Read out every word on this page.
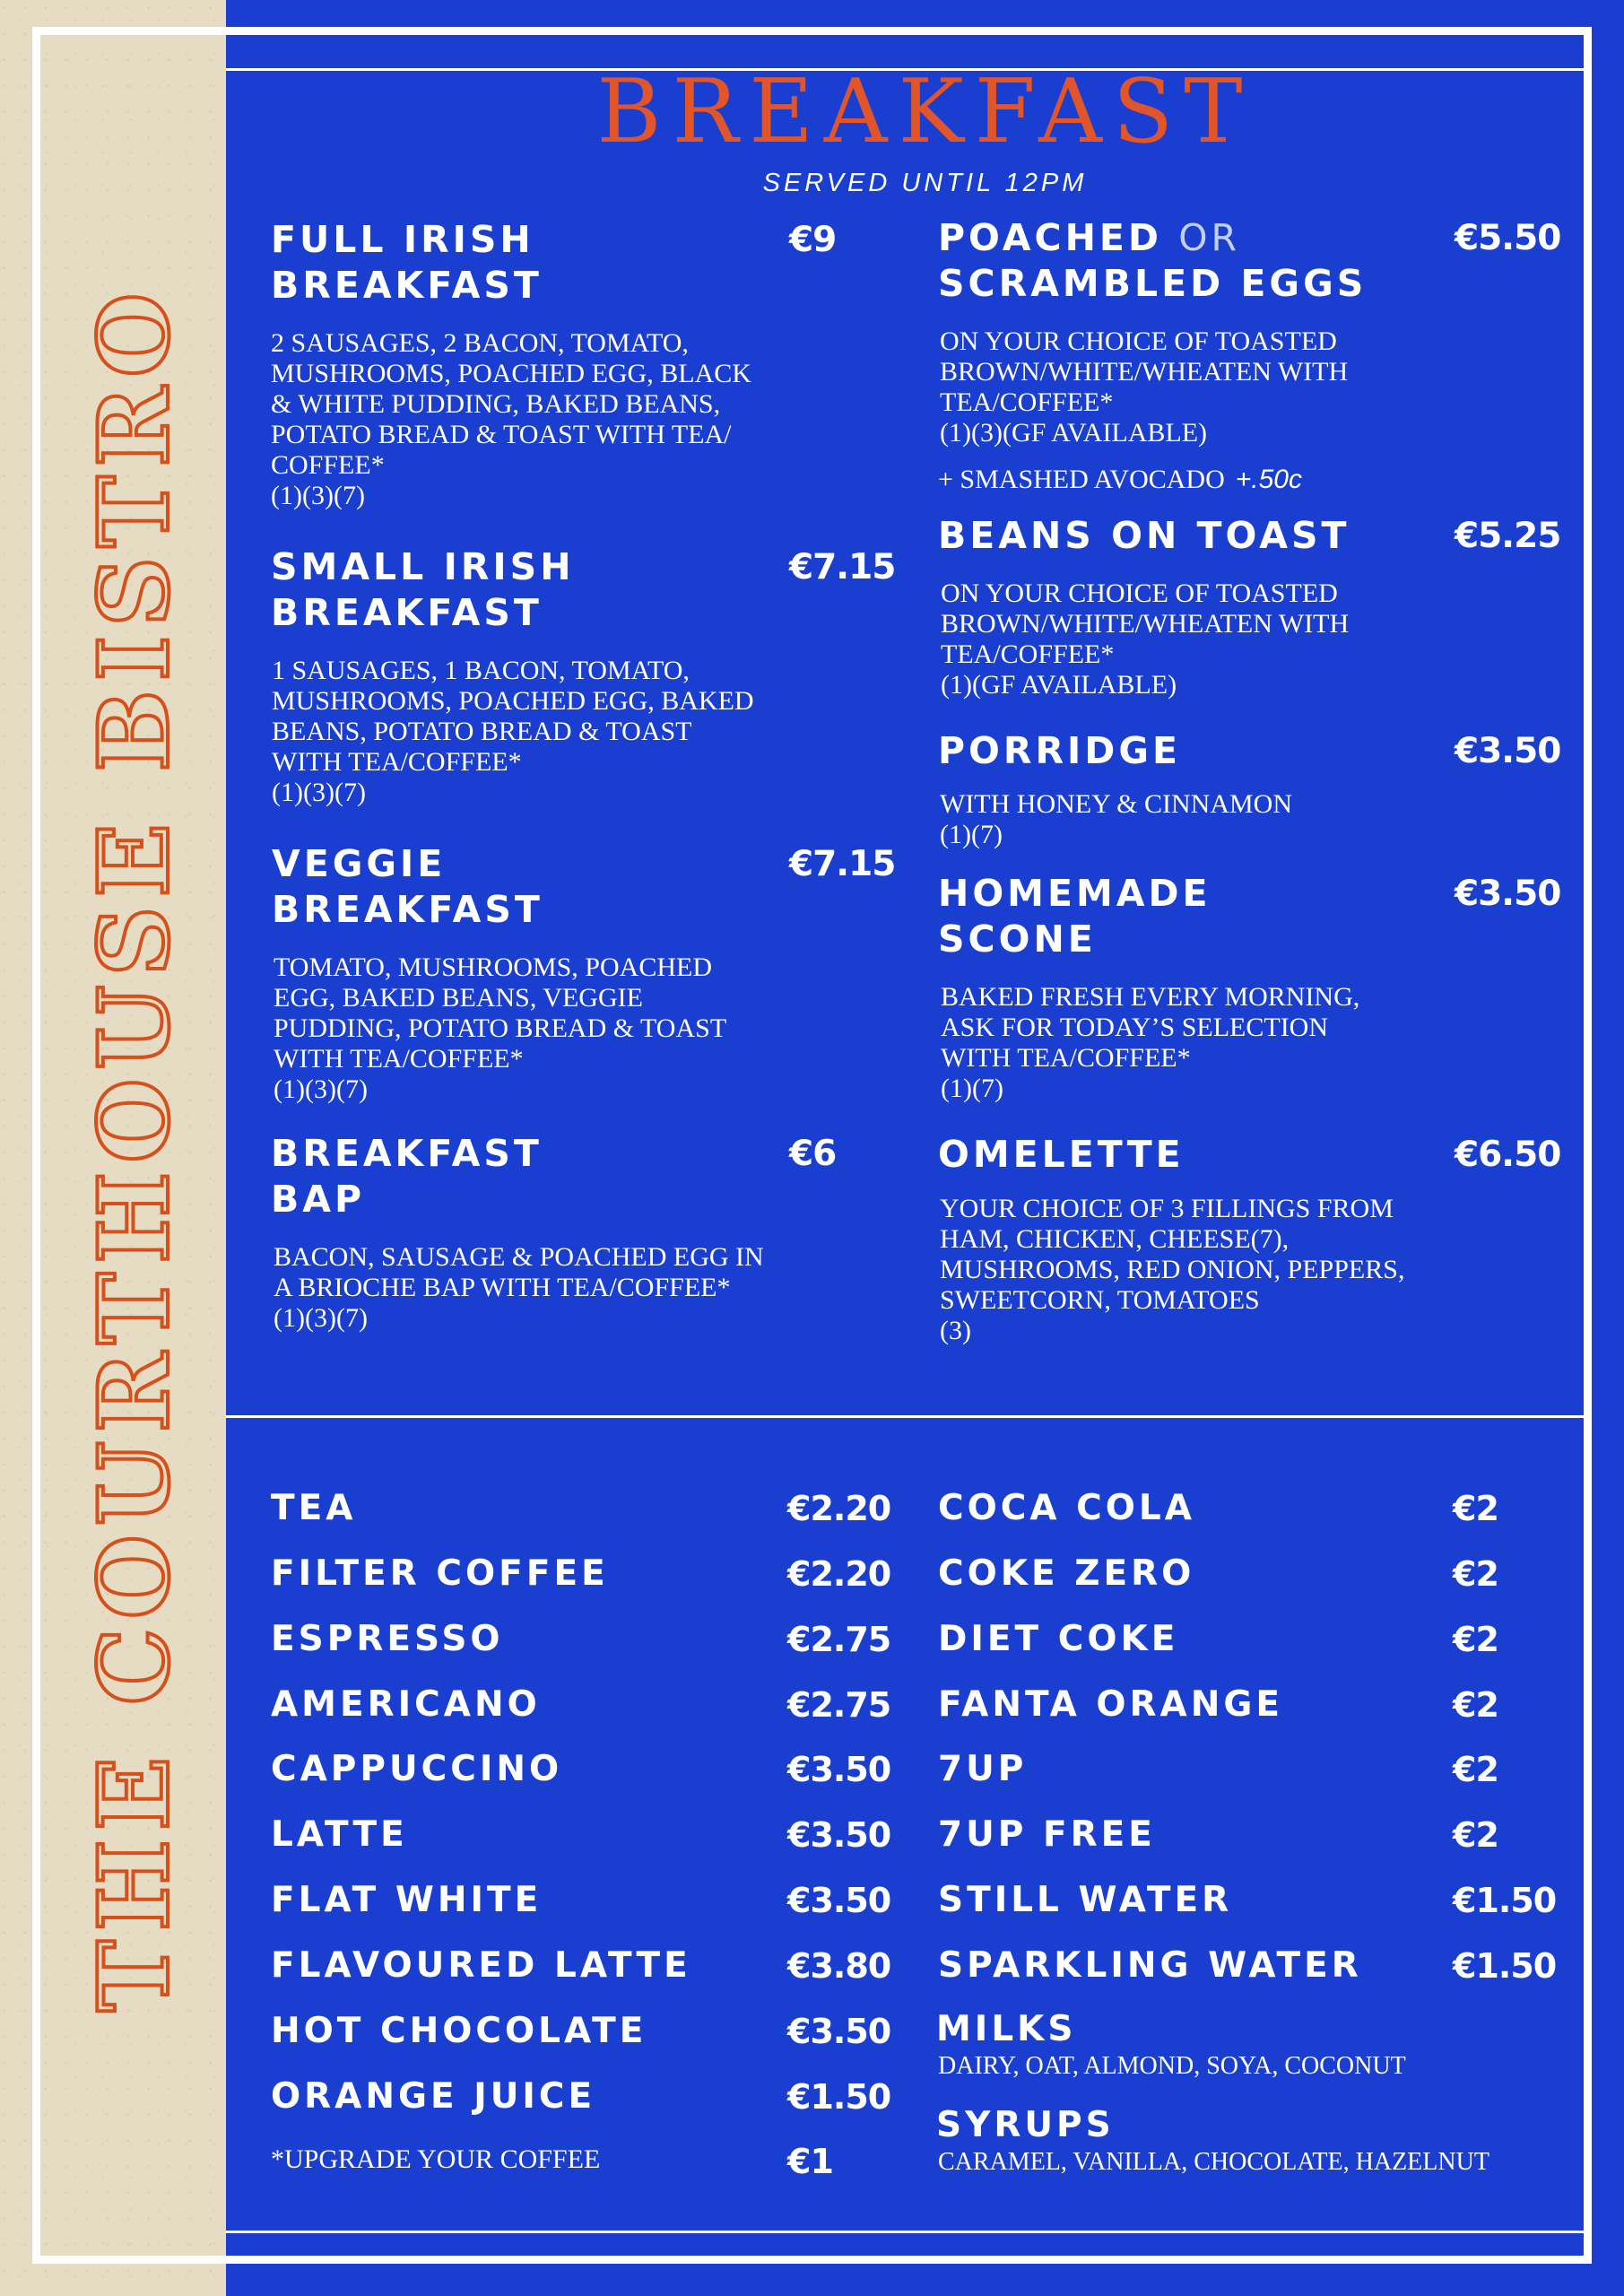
THE COURTHOUSE BISTRO
BREAKFAST
SERVED UNTIL 12PM
FULL IRISH
BREAKFAST
€9
2 SAUSAGES, 2 BACON, TOMATO,
MUSHROOMS, POACHED EGG, BLACK
& WHITE PUDDING, BAKED BEANS,
POTATO BREAD & TOAST WITH TEA/
COFFEE*
(1)(3)(7)
SMALL IRISH
BREAKFAST
€7.15
1 SAUSAGES, 1 BACON, TOMATO,
MUSHROOMS, POACHED EGG, BAKED
BEANS, POTATO BREAD & TOAST
WITH TEA/COFFEE*
(1)(3)(7)
VEGGIE
BREAKFAST
€7.15
TOMATO, MUSHROOMS, POACHED
EGG, BAKED BEANS, VEGGIE
PUDDING, POTATO BREAD & TOAST
WITH TEA/COFFEE*
(1)(3)(7)
BREAKFAST
BAP
€6
BACON, SAUSAGE & POACHED EGG IN
A BRIOCHE BAP WITH TEA/COFFEE*
(1)(3)(7)
POACHED OR
SCRAMBLED EGGS
€5.50
ON YOUR CHOICE OF TOASTED
BROWN/WHITE/WHEATEN WITH
TEA/COFFEE*
(1)(3)(GF AVAILABLE)
+ SMASHED AVOCADO +.50c
BEANS ON TOAST	€5.25
ON YOUR CHOICE OF TOASTED
BROWN/WHITE/WHEATEN WITH
TEA/COFFEE*
(1)(GF AVAILABLE)
PORRIDGE	€3.50
WITH HONEY & CINNAMON
(1)(7)
HOMEMADE
SCONE
€3.50
BAKED FRESH EVERY MORNING,
ASK FOR TODAY’S SELECTION
WITH TEA/COFFEE*
(1)(7)
OMELETTE	€6.50
YOUR CHOICE OF 3 FILLINGS FROM
HAM, CHICKEN, CHEESE(7),
MUSHROOMS, RED ONION, PEPPERS,
SWEETCORN, TOMATOES
(3)
TEA	€2.20
FILTER COFFEE	€2.20
ESPRESSO	€2.75
AMERICANO	€2.75
CAPPUCCINO	€3.50
LATTE	€3.50
FLAT WHITE	€3.50
FLAVOURED LATTE	€3.80
HOT CHOCOLATE	€3.50
ORANGE JUICE	€1.50
*UPGRADE YOUR COFFEE	€1
COCA COLA	€2
COKE ZERO	€2
DIET COKE	€2
FANTA ORANGE	€2
7UP	€2
7UP FREE	€2
STILL WATER	€1.50
SPARKLING WATER	€1.50
MILKS
DAIRY, OAT, ALMOND, SOYA, COCONUT
SYRUPS
CARAMEL, VANILLA, CHOCOLATE, HAZELNUT
